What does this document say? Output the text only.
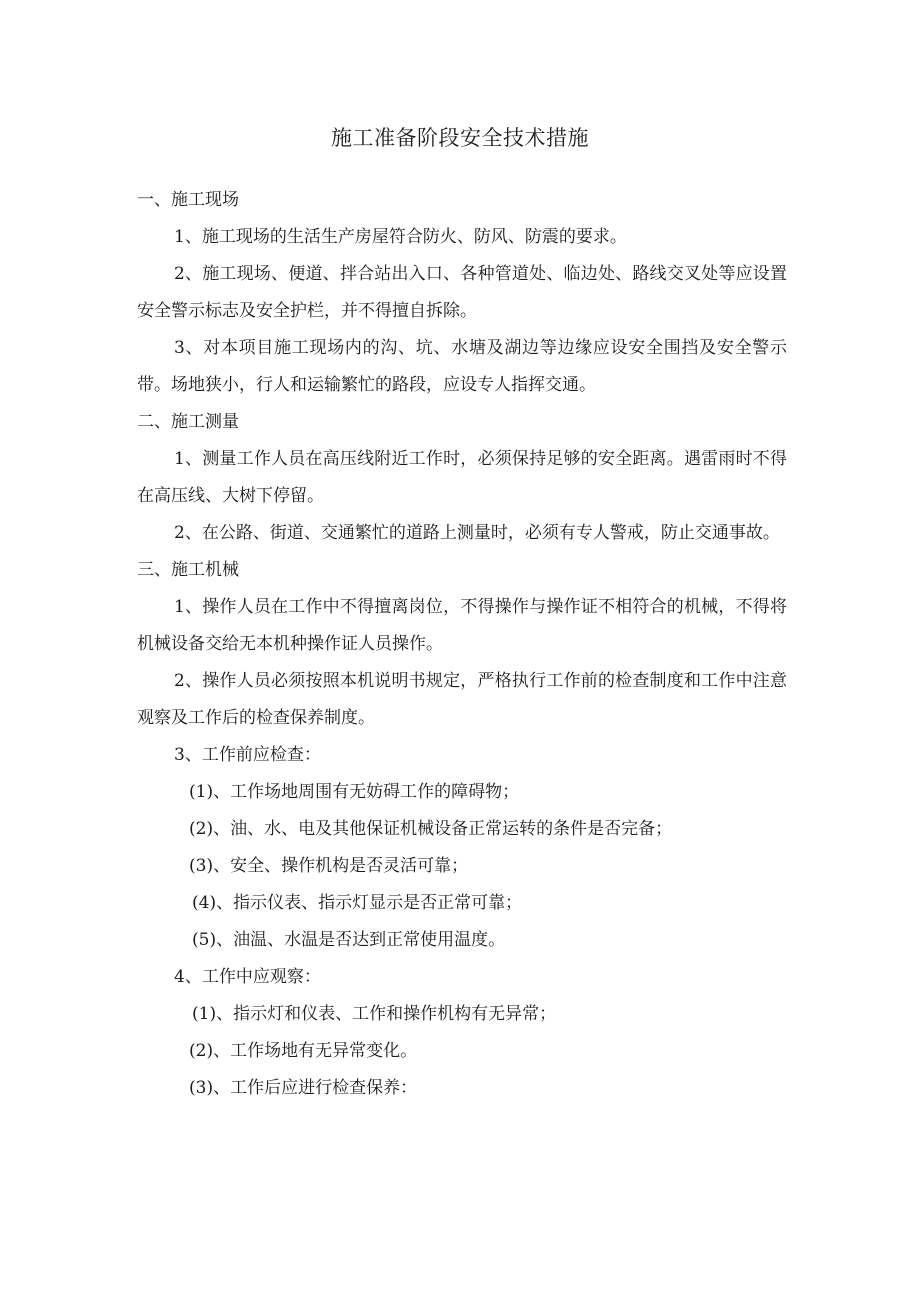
施工准备阶段安全技术措施
一、施工现场

1、施工现场的生活生产房屋符合防火、防风、防震的要求。

2、施工现场、便道、拌合站出入口、各种管道处、临边处、路线交叉处等应设置安全警示标志及安全护栏，并不得擅自拆除。

3、对本项目施工现场内的沟、坑、水塘及湖边等边缘应设安全围挡及安全警示带。场地狭小，行人和运输繁忙的路段，应设专人指挥交通。

二、施工测量

1、测量工作人员在高压线附近工作时，必须保持足够的安全距离。遇雷雨时不得在高压线、大树下停留。

2、在公路、街道、交通繁忙的道路上测量时，必须有专人警戒，防止交通事故。

三、施工机械

1、操作人员在工作中不得擅离岗位，不得操作与操作证不相符合的机械，不得将机械设备交给无本机种操作证人员操作。

2、操作人员必须按照本机说明书规定，严格执行工作前的检查制度和工作中注意观察及工作后的检查保养制度。

3、工作前应检查：

(1)、工作场地周围有无妨碍工作的障碍物；

(2)、油、水、电及其他保证机械设备正常运转的条件是否完备；

(3)、安全、操作机构是否灵活可靠；

(4)、指示仪表、指示灯显示是否正常可靠；

(5)、油温、水温是否达到正常使用温度。

4、工作中应观察：

(1)、指示灯和仪表、工作和操作机构有无异常；

(2)、工作场地有无异常变化。

(3)、工作后应进行检查保养：
